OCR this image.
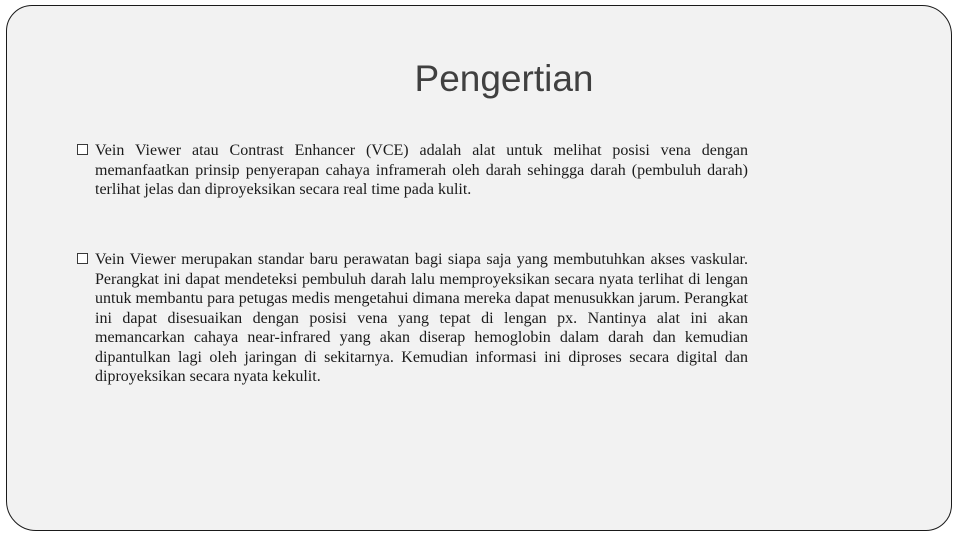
Pengertian
Vein Viewer atau Contrast Enhancer (VCE) adalah alat untuk melihat posisi vena dengan memanfaatkan prinsip penyerapan cahaya inframerah oleh darah sehingga darah (pembuluh darah) terlihat jelas dan diproyeksikan secara real time pada kulit.
Vein Viewer merupakan standar baru perawatan bagi siapa saja yang membutuhkan akses vaskular. Perangkat ini dapat mendeteksi pembuluh darah lalu memproyeksikan secara nyata terlihat di lengan untuk membantu para petugas medis mengetahui dimana mereka dapat menusukkan jarum. Perangkat ini dapat disesuaikan dengan posisi vena yang tepat di lengan px. Nantinya alat ini akan memancarkan cahaya near-infrared yang akan diserap hemoglobin dalam darah dan kemudian dipantulkan lagi oleh jaringan di sekitarnya. Kemudian informasi ini diproses secara digital dan diproyeksikan secara nyata kekulit.
